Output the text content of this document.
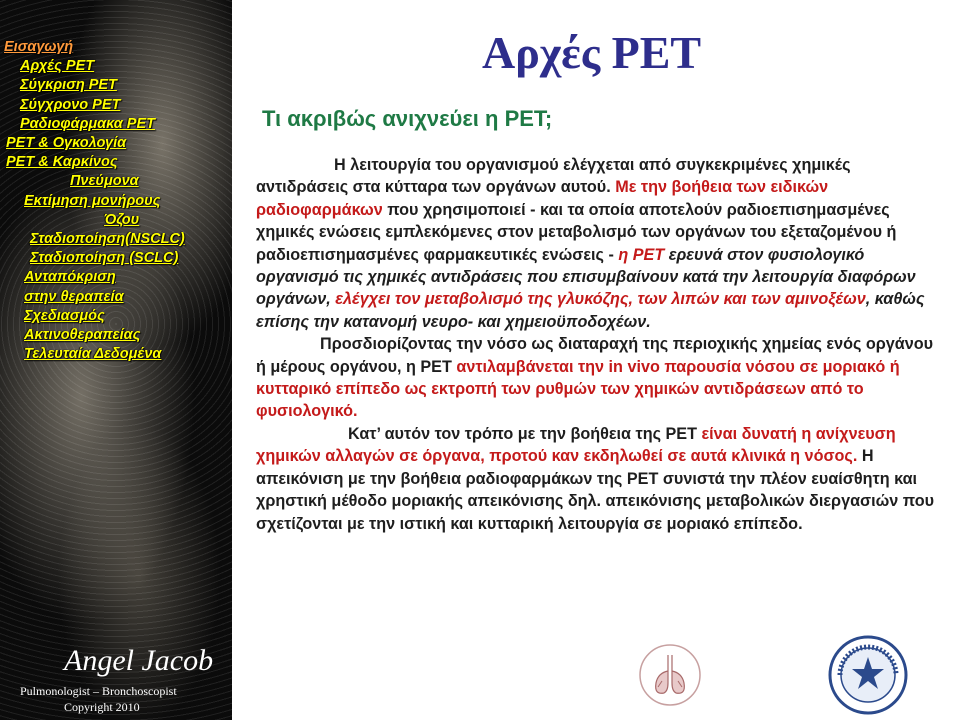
Εισαγωγή
Αρχές PET
Σύγκριση PET
Σύγχρονο PET
Ραδιοφάρμακα PET
PET & Ογκολογία
PET & Καρκίνος
Πνεύμονα
Εκτίμηση μονήρους
Όζου
Σταδιοποίηση(NSCLC)
Σταδιοποίηση (SCLC)
Ανταπόκριση
στην θεραπεία
Σχεδιασμός
Ακτινοθεραπείας
Τελευταία Δεδομένα
Angel Jacob
Pulmonologist – Bronchoscopist
Copyright 2010
Αρχές PET
Τι ακριβώς ανιχνεύει η PET;

Η λειτουργία του οργανισμού ελέγχεται από συγκεκριμένες χημικές αντιδράσεις στα κύτταρα των οργάνων αυτού. Με την βοήθεια των ειδικών ραδιοφαρμάκων που χρησιμοποιεί - και τα οποία αποτελούν ραδιοεπισημασμένες χημικές ενώσεις εμπλεκόμενες στον μεταβολισμό των οργάνων του εξεταζομένου ή ραδιοεπισημασμένες φαρμακευτικές ενώσεις - η PET ερευνά στον φυσιολογικό οργανισμό τις χημικές αντιδράσεις που επισυμβαίνουν κατά την λειτουργία διαφόρων οργάνων, ελέγχει τον μεταβολισμό της γλυκόζης, των λιπών και των αμινοξέων, καθώς επίσης την κατανομή νευρο- και χημειοϋποδοχέων.

Προσδιορίζοντας την νόσο ως διαταραχή της περιοχικής χημείας ενός οργάνου ή μέρους οργάνου, η PET αντιλαμβάνεται την in vivo παρουσία νόσου σε μοριακό ή κυτταρικό επίπεδο ως εκτροπή των ρυθμών των χημικών αντιδράσεων από το φυσιολογικό.

Κατ’ αυτόν τον τρόπο με την βοήθεια της PET είναι δυνατή η ανίχνευση χημικών αλλαγών σε όργανα, προτού καν εκδηλωθεί σε αυτά κλινικά η νόσος. Η απεικόνιση με την βοήθεια ραδιοφαρμάκων της PET συνιστά την πλέον ευαίσθητη και χρηστική μέθοδο μοριακής απεικόνισης δηλ. απεικόνισης μεταβολικών διεργασιών που σχετίζονται με την ιστική και κυτταρική λειτουργία σε μοριακό επίπεδο.
